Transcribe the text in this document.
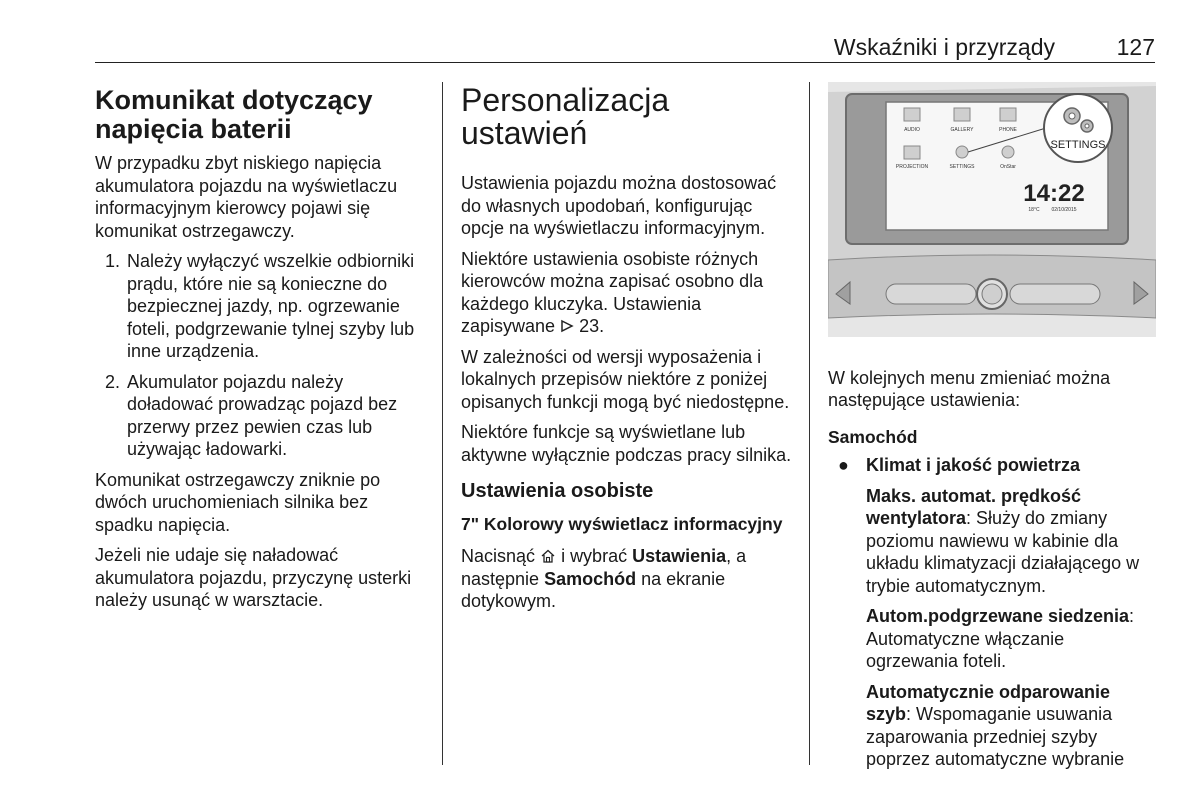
Wskaźniki i przyrządy	127
Komunikat dotyczący napięcia baterii

W przypadku zbyt niskiego napięcia akumulatora pojazdu na wyświetlaczu informacyjnym kierowcy pojawi się komunikat ostrzegawczy.

1. Należy wyłączyć wszelkie odbiorniki prądu, które nie są konieczne do bezpiecznej jazdy, np. ogrzewanie foteli, podgrzewanie tylnej szyby lub inne urządzenia.
2. Akumulator pojazdu należy doładować prowadząc pojazd bez przerwy przez pewien czas lub używając ładowarki.

Komunikat ostrzegawczy zniknie po dwóch uruchomieniach silnika bez spadku napięcia.

Jeżeli nie udaje się naładować akumulatora pojazdu, przyczynę usterki należy usunąć w warsztacie.

Personalizacja ustawień

Ustawienia pojazdu można dostosować do własnych upodobań, konfigurując opcje na wyświetlaczu informacyjnym.

Niektóre ustawienia osobiste różnych kierowców można zapisać osobno dla każdego kluczyka. Ustawienia zapisywane 23.

W zależności od wersji wyposażenia i lokalnych przepisów niektóre z poniżej opisanych funkcji mogą być niedostępne.

Niektóre funkcje są wyświetlane lub aktywne wyłącznie podczas pracy silnika.

Ustawienia osobiste
7" Kolorowy wyświetlacz informacyjny

Nacisnąć i wybrać Ustawienia, a następnie Samochód na ekranie dotykowym.

AUDIO	GALLERY	PHONE
PROJECTION	SETTINGS	OnStar
SETTINGS
14:22
18°C 02/10/2015

W kolejnych menu zmieniać można następujące ustawienia:

Samochód
● Klimat i jakość powietrza

Maks. automat. prędkość wentylatora: Służy do zmiany poziomu nawiewu w kabinie dla układu klimatyzacji działającego w trybie automatycznym.

Autom.podgrzewane siedzenia: Automatyczne włączanie ogrzewania foteli.

Automatycznie odparowanie szyb: Wspomaganie usuwania zaparowania przedniej szyby poprzez automatyczne wybranie
